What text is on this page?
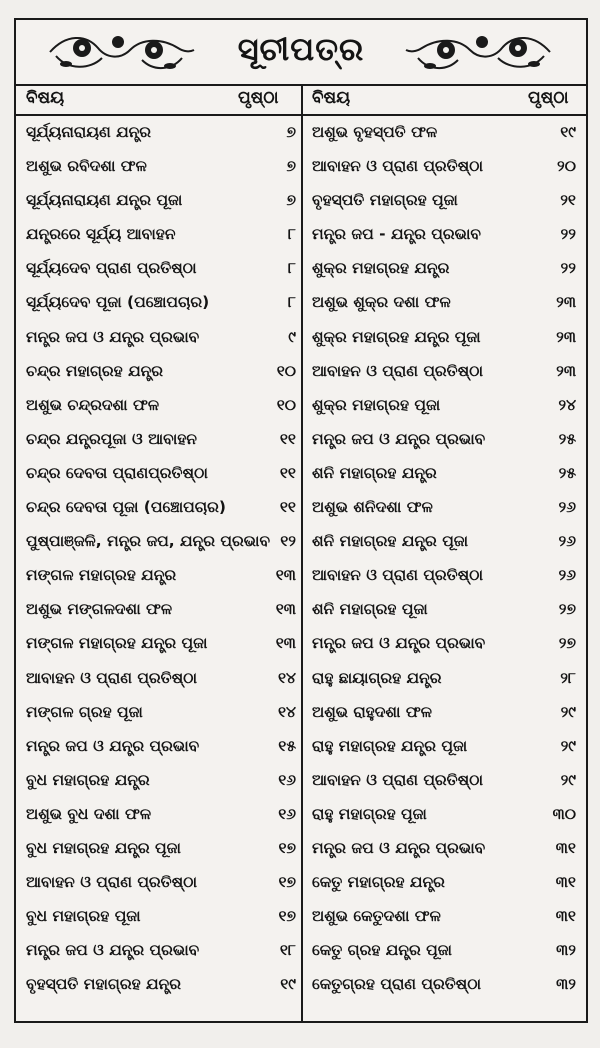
ସୂଚୀପତ୍ର
ବିଷୟ	ପୃଷ୍ଠା ବିଷୟ	ପୃଷ୍ଠା
ସୂର୍ଯ୍ୟନାରାୟଣ ଯନ୍ତ୍ର	୭
ଅଶୁଭ ରବିଦଶା ଫଳ	୭
ସୂର୍ଯ୍ୟନାରାୟଣ ଯନ୍ତ୍ର ପୂଜା	୭
ଯନ୍ତ୍ରରେ ସୂର୍ଯ୍ୟ ଆବାହନ	୮
ସୂର୍ଯ୍ୟଦେବ ପ୍ରାଣ ପ୍ରତିଷ୍ଠା	୮
ସୂର୍ଯ୍ୟଦେବ ପୂଜା (ପଞ୍ଚୋପଚାର)	୮
ମନ୍ତ୍ର ଜପ ଓ ଯନ୍ତ୍ର ପ୍ରଭାବ	୯
ଚନ୍ଦ୍ର ମହାଗ୍ରହ ଯନ୍ତ୍ର	୧୦
ଅଶୁଭ ଚନ୍ଦ୍ରଦଶା ଫଳ	୧୦
ଚନ୍ଦ୍ର ଯନ୍ତ୍ରପୂଜା ଓ ଆବାହନ	୧୧
ଚନ୍ଦ୍ର ଦେବତା ପ୍ରାଣପ୍ରତିଷ୍ଠା	୧୧
ଚନ୍ଦ୍ର ଦେବତା ପୂଜା (ପଞ୍ଚୋପଚାର)	୧୧
ପୁଷ୍ପାଞ୍ଜଳି, ମନ୍ତ୍ର ଜପ, ଯନ୍ତ୍ର ପ୍ରଭାବ ୧୨
ମଙ୍ଗଳ ମହାଗ୍ରହ ଯନ୍ତ୍ର	୧୩
ଅଶୁଭ ମଙ୍ଗଳଦଶା ଫଳ	୧୩
ମଙ୍ଗଳ ମହାଗ୍ରହ ଯନ୍ତ୍ର ପୂଜା	୧୩
ଆବାହନ ଓ ପ୍ରାଣ ପ୍ରତିଷ୍ଠା	୧୪
ମଙ୍ଗଳ ଗ୍ରହ ପୂଜା	୧୪
ମନ୍ତ୍ର ଜପ ଓ ଯନ୍ତ୍ର ପ୍ରଭାବ	୧୫
ବୁଧ ମହାଗ୍ରହ ଯନ୍ତ୍ର	୧୬
ଅଶୁଭ ବୁଧ ଦଶା ଫଳ	୧୬
ବୁଧ ମହାଗ୍ରହ ଯନ୍ତ୍ର ପୂଜା	୧୭
ଆବାହନ ଓ ପ୍ରାଣ ପ୍ରତିଷ୍ଠା	୧୭
ବୁଧ ମହାଗ୍ରହ ପୂଜା	୧୭
ମନ୍ତ୍ର ଜପ ଓ ଯନ୍ତ୍ର ପ୍ରଭାବ	୧୮
ବୃହସ୍ପତି ମହାଗ୍ରହ ଯନ୍ତ୍ର	୧୯
ଅଶୁଭ ବୃହସ୍ପତି ଫଳ	୧୯
ଆବାହନ ଓ ପ୍ରାଣ ପ୍ରତିଷ୍ଠା	୨୦
ବୃହସ୍ପତି ମହାଗ୍ରହ ପୂଜା	୨୧
ମନ୍ତ୍ର ଜପ - ଯନ୍ତ୍ର ପ୍ରଭାବ	୨୨
ଶୁକ୍ର ମହାଗ୍ରହ ଯନ୍ତ୍ର	୨୨
ଅଶୁଭ ଶୁକ୍ର ଦଶା ଫଳ	୨୩
ଶୁକ୍ର ମହାଗ୍ରହ ଯନ୍ତ୍ର ପୂଜା	୨୩
ଆବାହନ ଓ ପ୍ରାଣ ପ୍ରତିଷ୍ଠା	୨୩
ଶୁକ୍ର ମହାଗ୍ରହ ପୂଜା	୨୪
ମନ୍ତ୍ର ଜପ ଓ ଯନ୍ତ୍ର ପ୍ରଭାବ	୨୫
ଶନି ମହାଗ୍ରହ ଯନ୍ତ୍ର	୨୫
ଅଶୁଭ ଶନିଦଶା ଫଳ	୨୬
ଶନି ମହାଗ୍ରହ ଯନ୍ତ୍ର ପୂଜା	୨୬
ଆବାହନ ଓ ପ୍ରାଣ ପ୍ରତିଷ୍ଠା	୨୬
ଶନି ମହାଗ୍ରହ ପୂଜା	୨୭
ମନ୍ତ୍ର ଜପ ଓ ଯନ୍ତ୍ର ପ୍ରଭାବ	୨୭
ରାହୁ ଛାୟାଗ୍ରହ ଯନ୍ତ୍ର	୨୮
ଅଶୁଭ ରାହୁଦଶା ଫଳ	୨୯
ରାହୁ ମହାଗ୍ରହ ଯନ୍ତ୍ର ପୂଜା	୨୯
ଆବାହନ ଓ ପ୍ରାଣ ପ୍ରତିଷ୍ଠା	୨୯
ରାହୁ ମହାଗ୍ରହ ପୂଜା	୩୦
ମନ୍ତ୍ର ଜପ ଓ ଯନ୍ତ୍ର ପ୍ରଭାବ	୩୧
କେତୁ ମହାଗ୍ରହ ଯନ୍ତ୍ର	୩୧
ଅଶୁଭ କେତୁଦଶା ଫଳ	୩୧
କେତୁ ଗ୍ରହ ଯନ୍ତ୍ର ପୂଜା	୩୨
କେତୁଗ୍ରହ ପ୍ରାଣ ପ୍ରତିଷ୍ଠା	୩୨
